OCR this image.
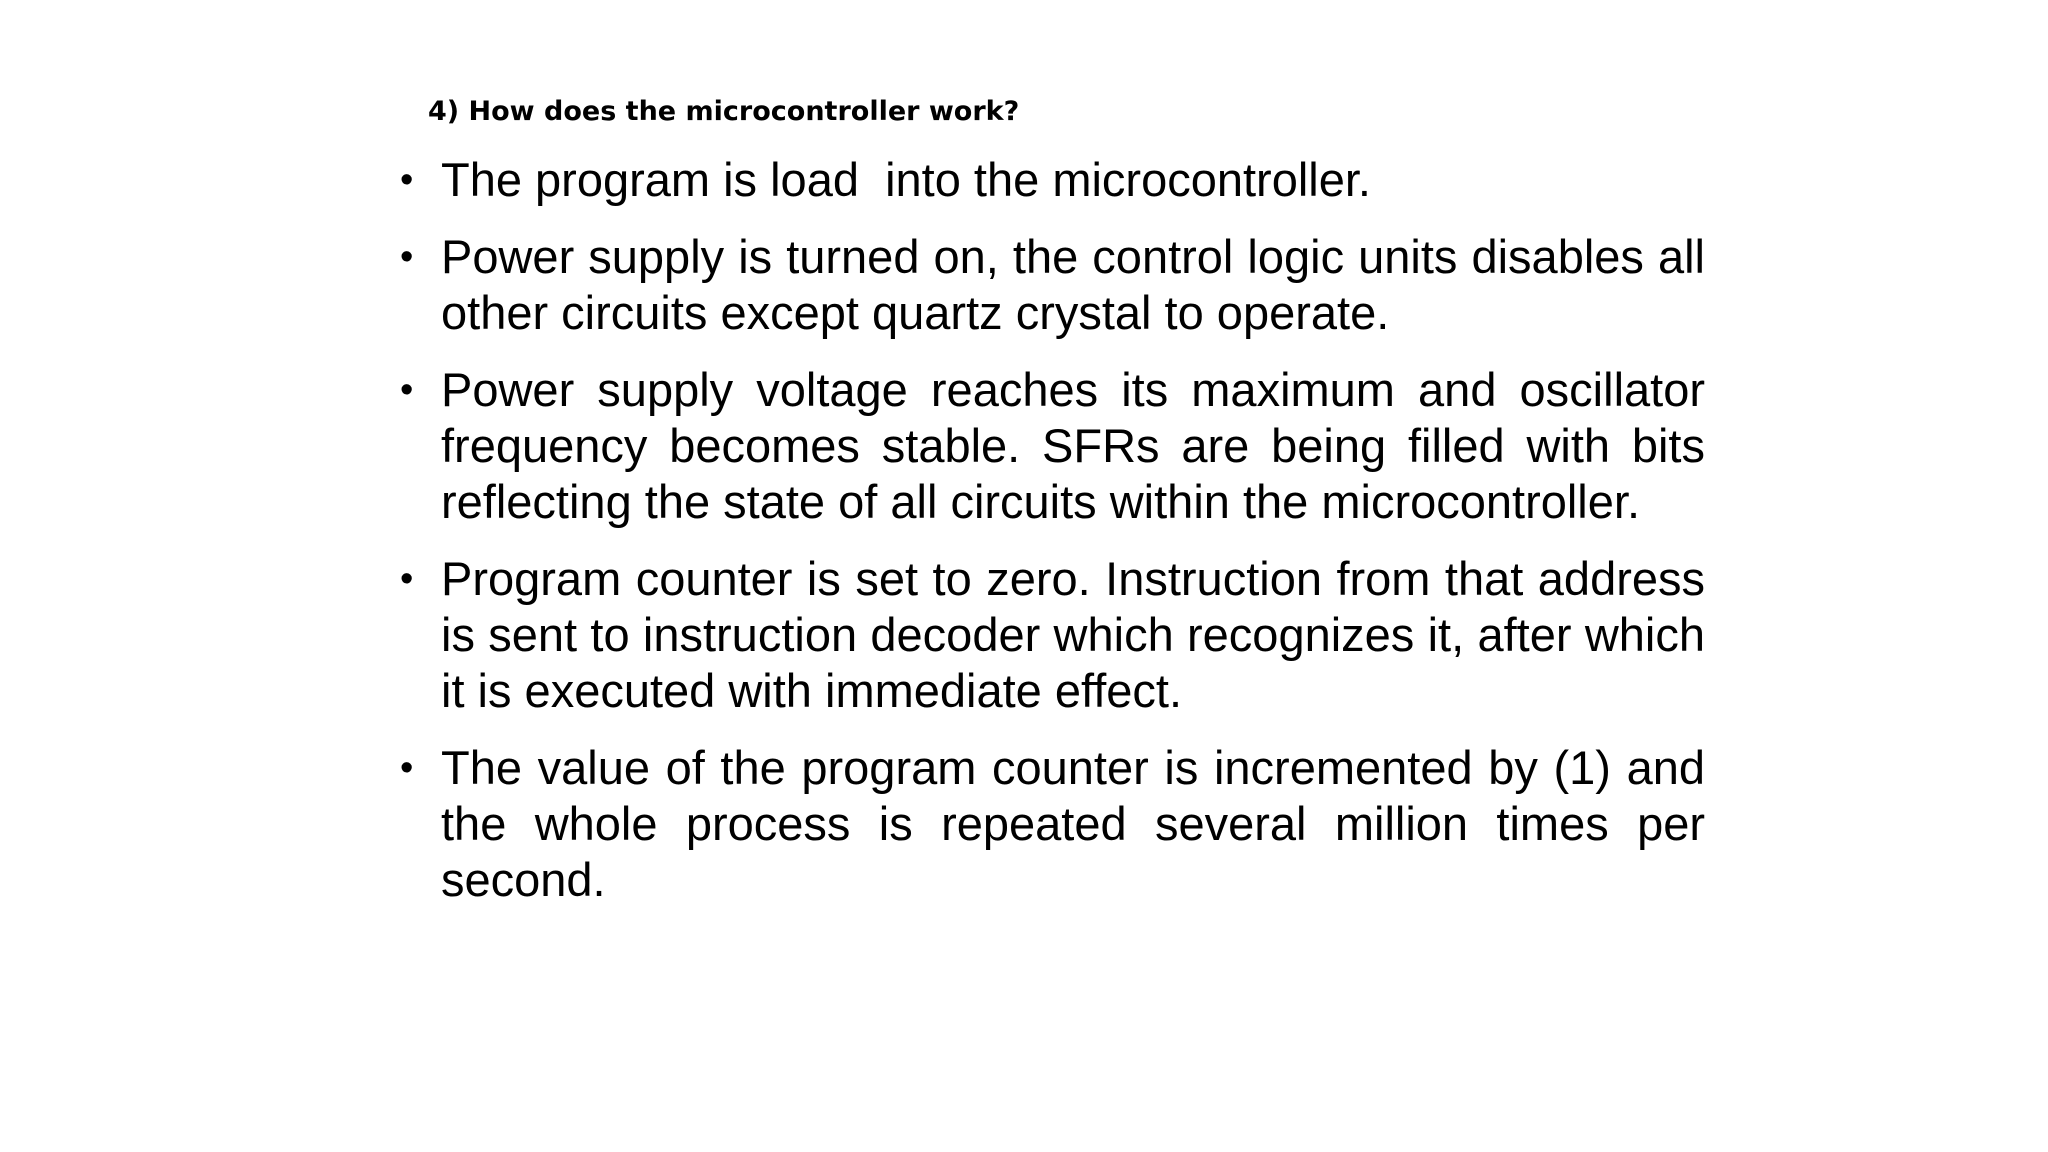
4) How does the microcontroller work?
• The program is load  into the microcontroller.
• Power supply is turned on, the control logic units disables all other circuits except quartz crystal to operate.
• Power supply voltage reaches its maximum and oscillator frequency becomes stable. SFRs are being filled with bits reflecting the state of all circuits within the microcontroller.
• Program counter is set to zero. Instruction from that address is sent to instruction decoder which recognizes it, after which it is executed with immediate effect.
• The value of the program counter is incremented by (1) and the whole process is repeated several million times per second.
